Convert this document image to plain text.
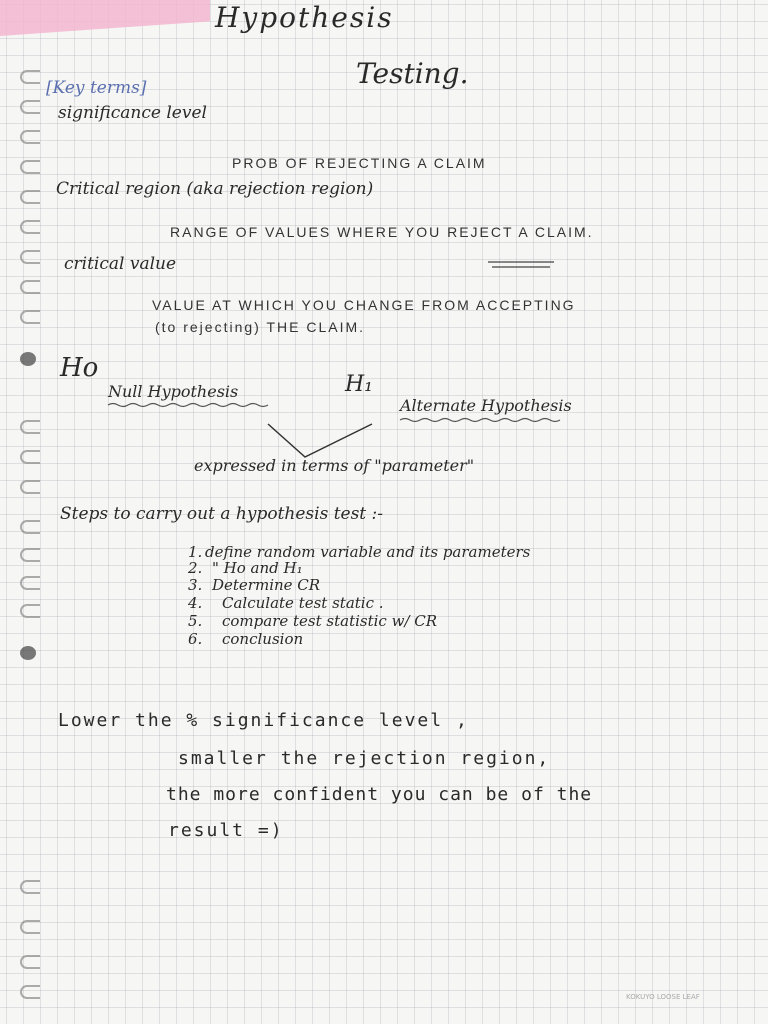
Hypothesis
Testing.
[Key terms]
significance level
PROB OF REJECTING A CLAIM
Critical region (aka rejection region)
RANGE OF VALUES WHERE YOU REJECT A CLAIM.
critical value
VALUE AT WHICH YOU CHANGE FROM ACCEPTING
(to rejecting) THE CLAIM.
Ho
Null Hypothesis	H₁
Alternate Hypothesis
expressed in terms of "parameter"
Steps to carry out a hypothesis test :-
1. define random variable and its parameters
2. " Ho and H₁
3. Determine CR
4. Calculate test static .
5. compare test statistic w/ CR
6. conclusion
Lower the % significance level ,
smaller the rejection region,
the more confident you can be of the
result =)
KOKUYO LOOSE LEAF
